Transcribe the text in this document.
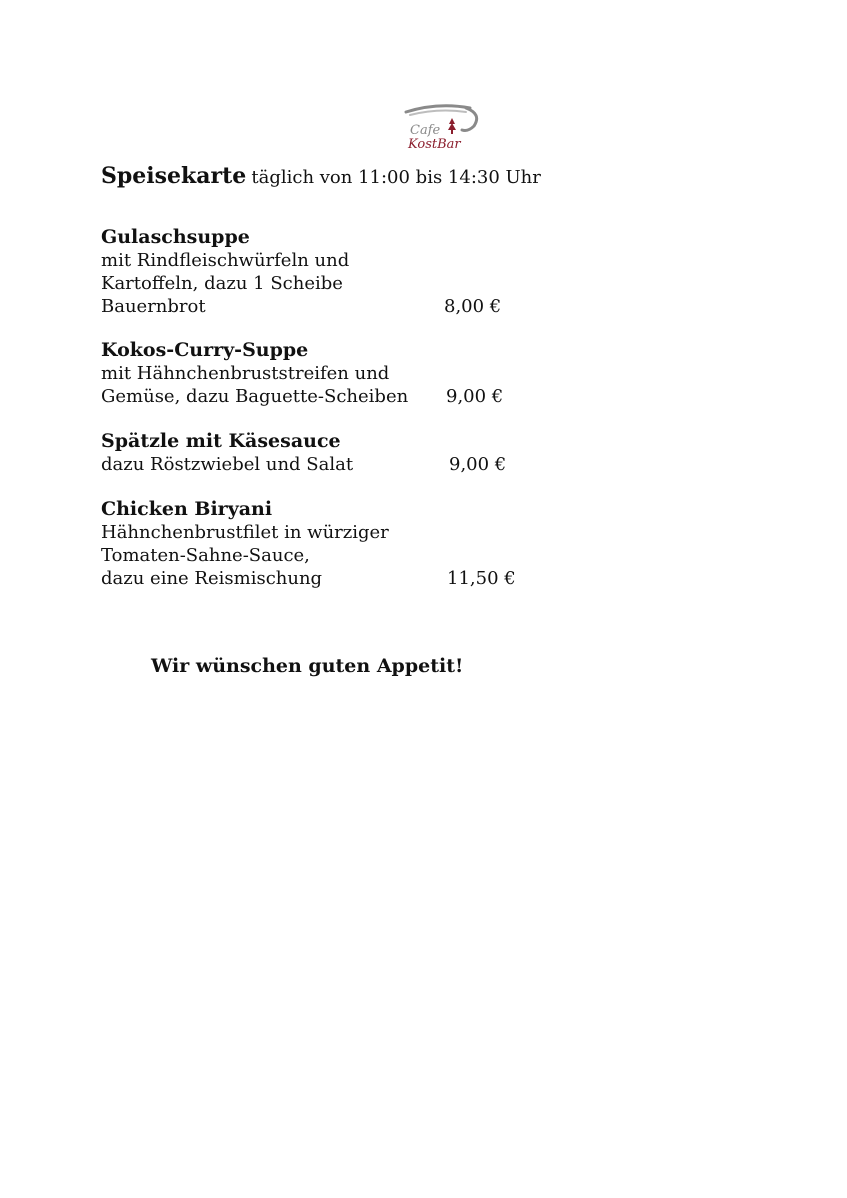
Cafe
KostBar
Speisekarte täglich von 11:00 bis 14:30 Uhr
Gulaschsuppe
mit Rindfleischwürfeln und
Kartoffeln, dazu 1 Scheibe
Bauernbrot	8,00 €
Kokos-Curry-Suppe
mit Hähnchenbruststreifen und
Gemüse, dazu Baguette-Scheiben	9,00 €
Spätzle mit Käsesauce
dazu Röstzwiebel und Salat	9,00 €
Chicken Biryani
Hähnchenbrustfilet in würziger
Tomaten-Sahne-Sauce,
dazu eine Reismischung	11,50 €
Wir wünschen guten Appetit!
